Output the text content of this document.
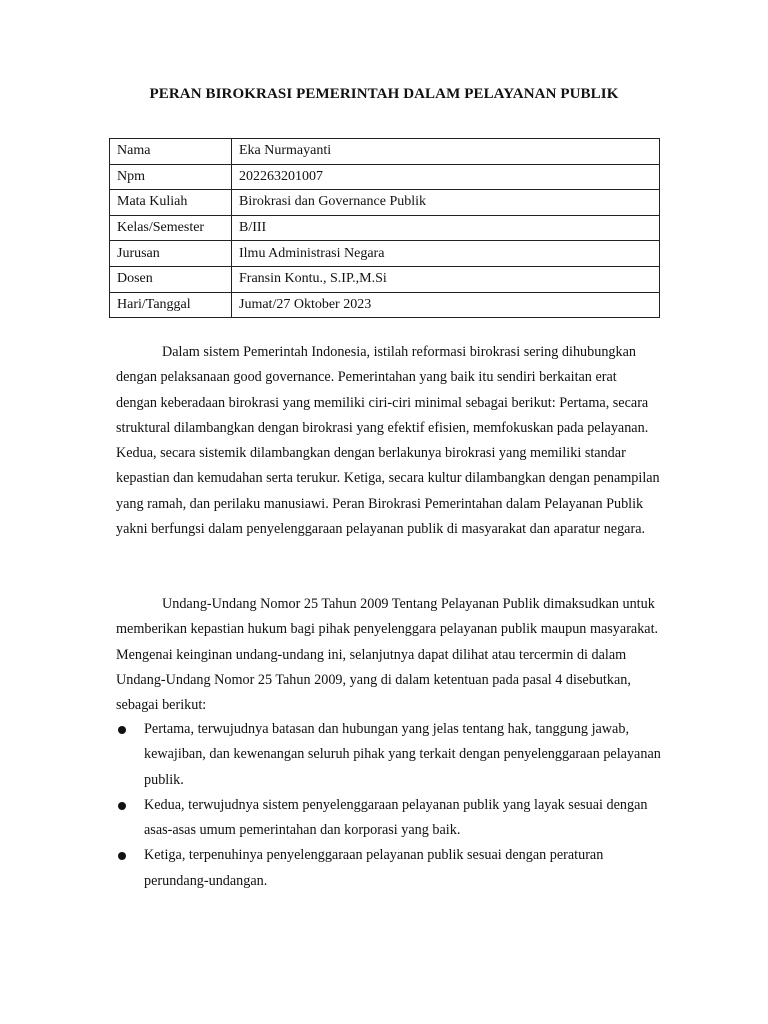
PERAN BIROKRASI PEMERINTAH DALAM PELAYANAN PUBLIK
Nama	Eka Nurmayanti
Npm	202263201007
Mata Kuliah	Birokrasi dan Governance Publik
Kelas/Semester	B/III
Jurusan	Ilmu Administrasi Negara
Dosen	Fransin Kontu., S.IP.,M.Si
Hari/Tanggal	Jumat/27 Oktober 2023

Dalam sistem Pemerintah Indonesia, istilah reformasi birokrasi sering dihubungkan dengan pelaksanaan good governance. Pemerintahan yang baik itu sendiri berkaitan erat dengan keberadaan birokrasi yang memiliki ciri-ciri minimal sebagai berikut: Pertama, secara struktural dilambangkan dengan birokrasi yang efektif efisien, memfokuskan pada pelayanan. Kedua, secara sistemik dilambangkan dengan berlakunya birokrasi yang memiliki standar kepastian dan kemudahan serta terukur. Ketiga, secara kultur dilambangkan dengan penampilan yang ramah, dan perilaku manusiawi. Peran Birokrasi Pemerintahan dalam Pelayanan Publik yakni berfungsi dalam penyelenggaraan pelayanan publik di masyarakat dan aparatur negara.

Undang-Undang Nomor 25 Tahun 2009 Tentang Pelayanan Publik dimaksudkan untuk memberikan kepastian hukum bagi pihak penyelenggara pelayanan publik maupun masyarakat. Mengenai keinginan undang-undang ini, selanjutnya dapat dilihat atau tercermin di dalam Undang-Undang Nomor 25 Tahun 2009, yang di dalam ketentuan pada pasal 4 disebutkan, sebagai berikut:

Pertama, terwujudnya batasan dan hubungan yang jelas tentang hak, tanggung jawab, kewajiban, dan kewenangan seluruh pihak yang terkait dengan penyelenggaraan pelayanan publik.
Kedua, terwujudnya sistem penyelenggaraan pelayanan publik yang layak sesuai dengan asas-asas umum pemerintahan dan korporasi yang baik.
Ketiga, terpenuhinya penyelenggaraan pelayanan publik sesuai dengan peraturan perundang-undangan.
